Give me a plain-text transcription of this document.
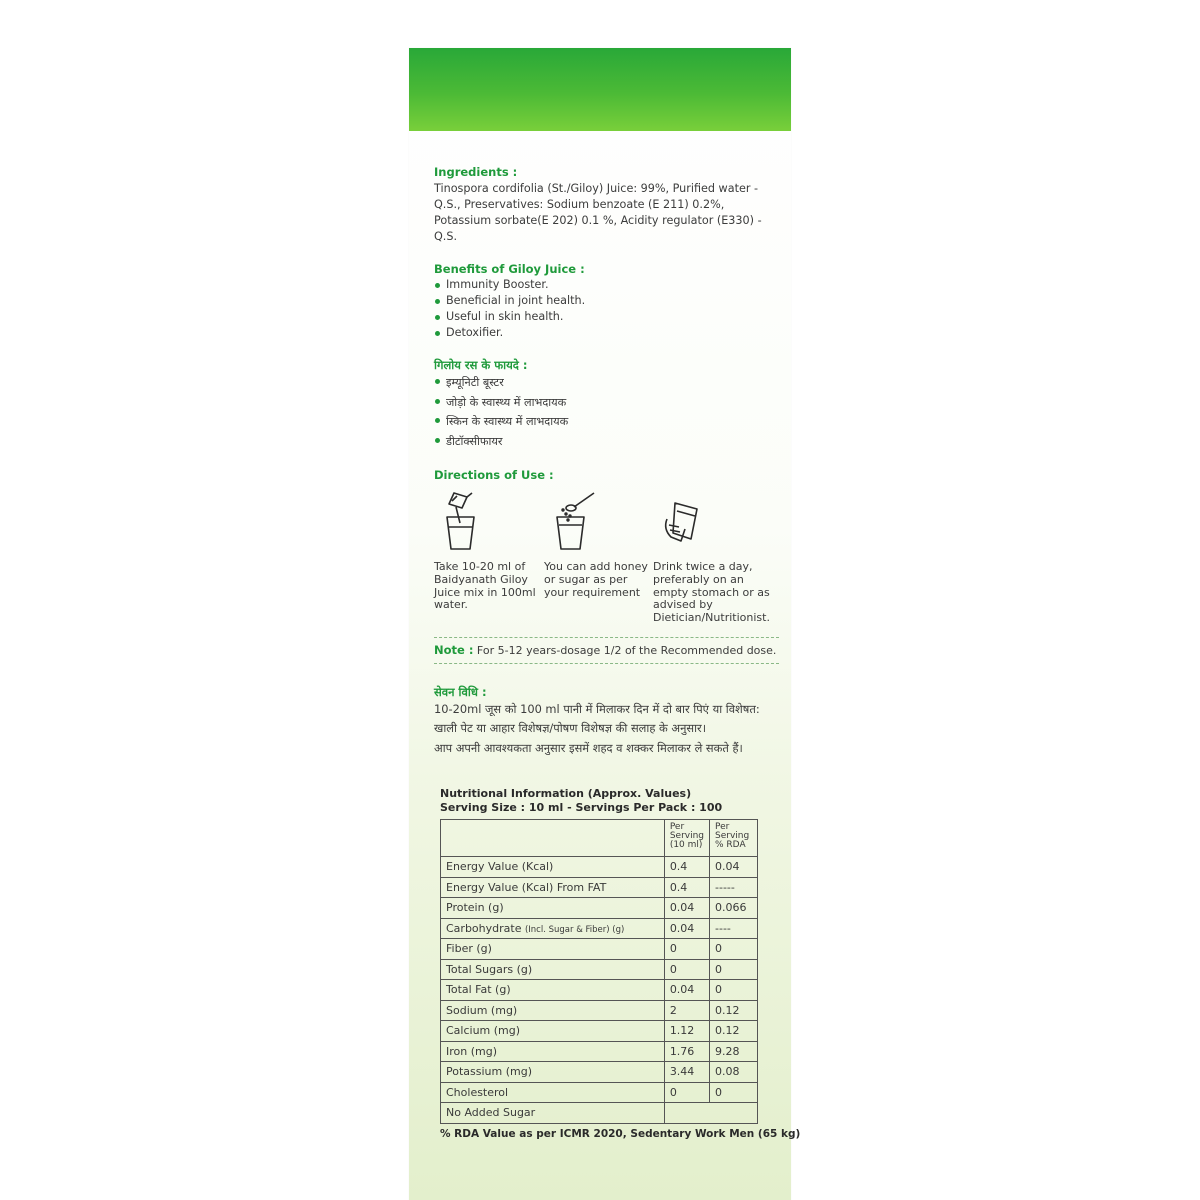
Ingredients :
Tinospora cordifolia (St./Giloy) Juice: 99%, Purified water - Q.S., Preservatives: Sodium benzoate (E 211) 0.2%, Potassium sorbate(E 202) 0.1 %, Acidity regulator (E330) - Q.S.
Benefits of Giloy Juice :
Immunity Booster.
Beneficial in joint health.
Useful in skin health.
Detoxifier.
गिलोय रस के फायदे :
इम्यूनिटी बूस्टर
जोड़ो के स्वास्थ्य में लाभदायक
स्किन के स्वास्थ्य में लाभदायक
डीटॉक्सीफायर
Directions of Use :
Take 10-20 ml of Baidyanath Giloy Juice mix in 100ml water.
You can add honey or sugar as per your requirement
Drink twice a day, preferably on an empty stomach or as advised by Dietician/Nutritionist.
Note : For 5-12 years-dosage 1/2 of the Recommended dose.
सेवन विधि :
10-20ml जूस को 100 ml पानी में मिलाकर दिन में दो बार पिएं या विशेषत:
खाली पेट या आहार विशेषज्ञ/पोषण विशेषज्ञ की सलाह के अनुसार।
आप अपनी आवश्यकता अनुसार इसमें शहद व शक्कर मिलाकर ले सकते हैं।
Nutritional Information (Approx. Values)
Serving Size : 10 ml - Servings Per Pack : 100
	Per Serving (10 ml)	Per Serving % RDA
Energy Value (Kcal)	0.4	0.04
Energy Value (Kcal) From FAT	0.4	-----
Protein (g)	0.04	0.066
Carbohydrate (Incl. Sugar & Fiber) (g)	0.04	----
Fiber (g)	0	0
Total Sugars (g)	0	0
Total Fat (g)	0.04	0
Sodium (mg)	2	0.12
Calcium (mg)	1.12	0.12
Iron (mg)	1.76	9.28
Potassium (mg)	3.44	0.08
Cholesterol	0	0
No Added Sugar		
% RDA Value as per ICMR 2020, Sedentary Work Men (65 kg)
